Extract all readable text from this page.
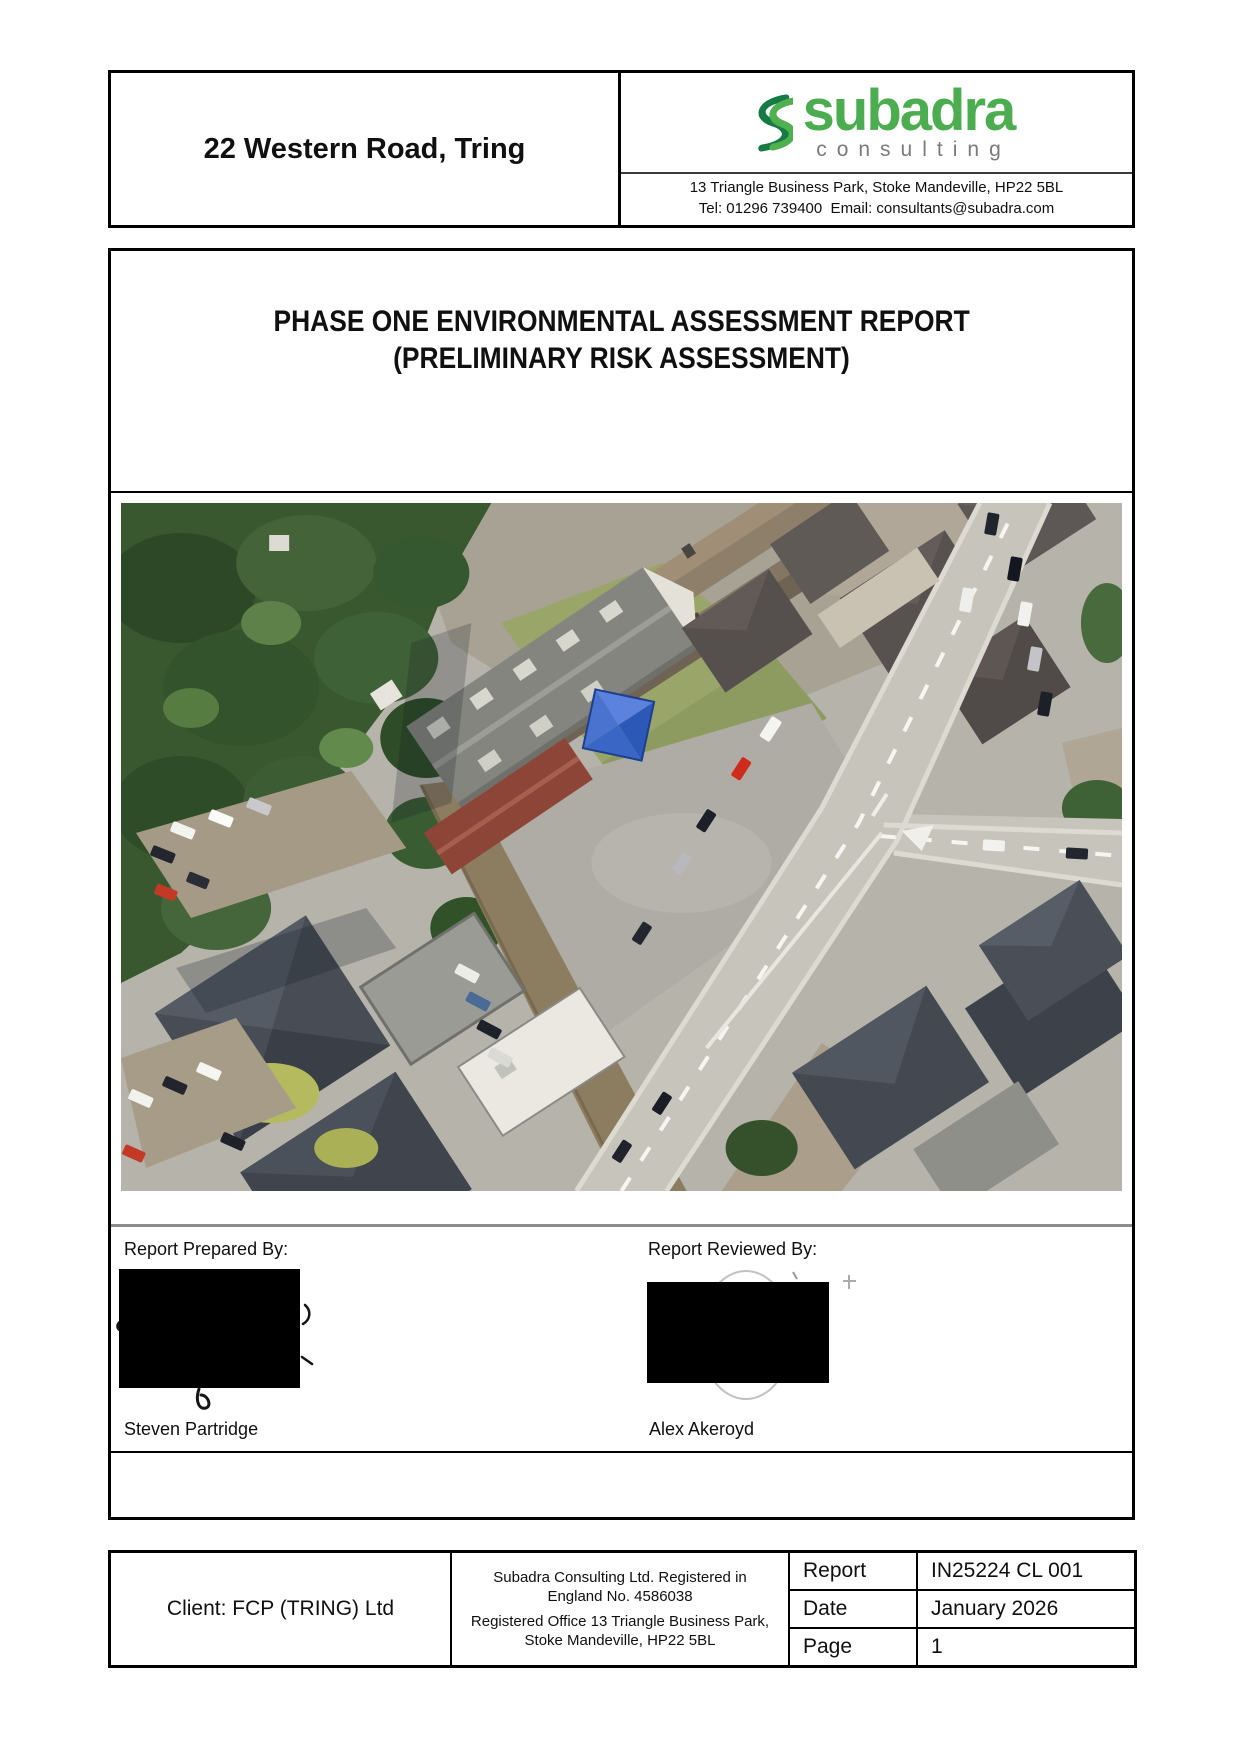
22 Western Road, Tring
subadra
consulting
13 Triangle Business Park, Stoke Mandeville, HP22 5BL
Tel: 01296 739400  Email: consultants@subadra.com
PHASE ONE ENVIRONMENTAL ASSESSMENT REPORT
(PRELIMINARY RISK ASSESSMENT)
Report Prepared By:	Report Reviewed By:
Steven Partridge	Alex Akeroyd
Client: FCP (TRING) Ltd
Subadra Consulting Ltd. Registered in England No. 4586038
Registered Office 13 Triangle Business Park, Stoke Mandeville, HP22 5BL
Report	IN25224 CL 001
Date	January 2026
Page	1
